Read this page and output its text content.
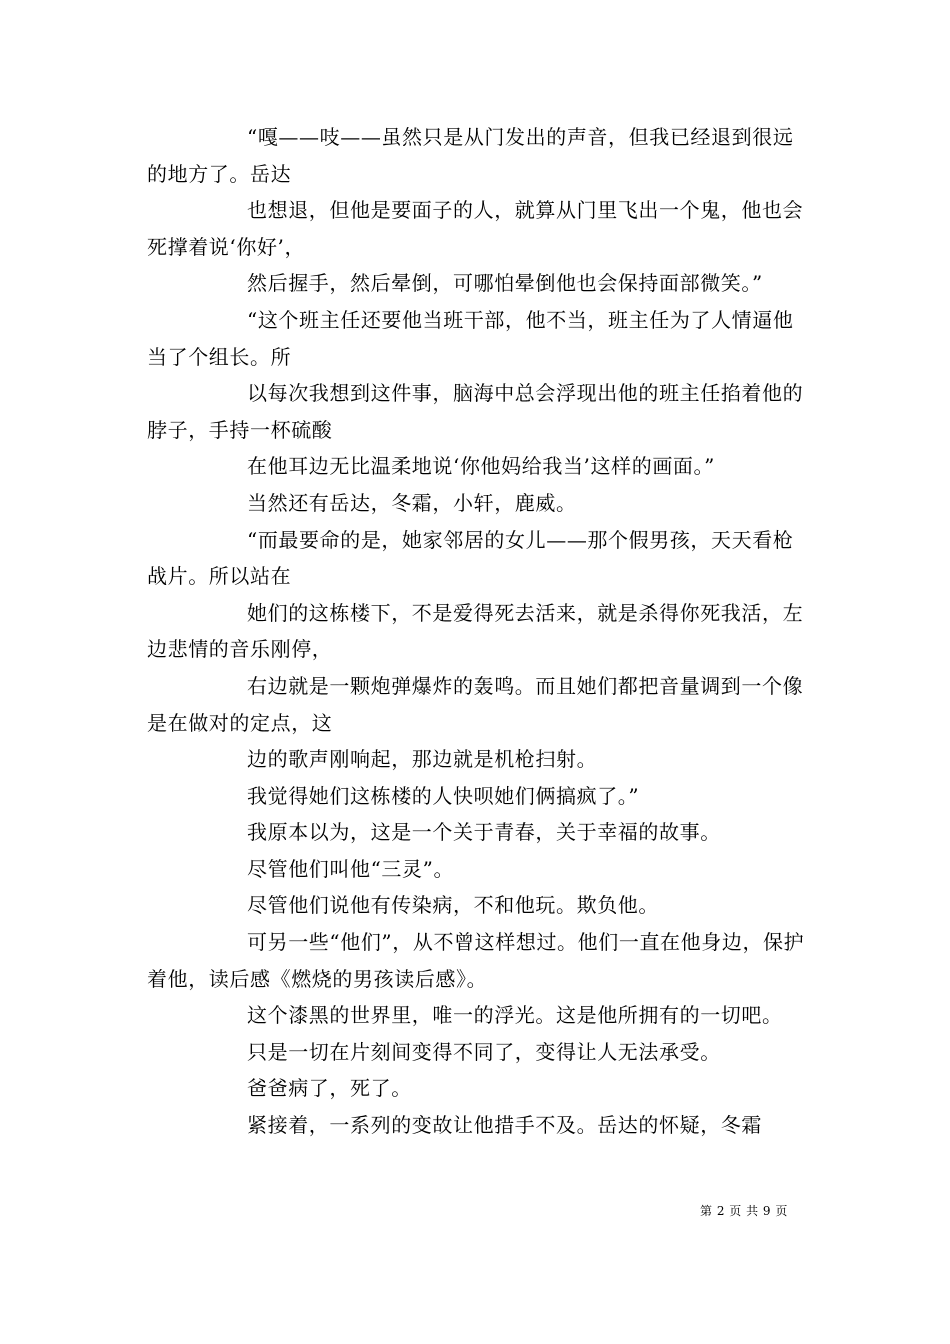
“嘎——吱——虽然只是从门发出的声音，但我已经退到很远的地方了。岳达

也想退，但他是要面子的人，就算从门里飞出一个鬼，他也会死撑着说‘你好’，

然后握手，然后晕倒，可哪怕晕倒他也会保持面部微笑。”

“这个班主任还要他当班干部，他不当，班主任为了人情逼他当了个组长。所

以每次我想到这件事，脑海中总会浮现出他的班主任掐着他的脖子，手持一杯硫酸

在他耳边无比温柔地说‘你他妈给我当’这样的画面。”

当然还有岳达，冬霜，小轩，鹿威。

“而最要命的是，她家邻居的女儿——那个假男孩，天天看枪战片。所以站在

她们的这栋楼下，不是爱得死去活来，就是杀得你死我活，左边悲情的音乐刚停，

右边就是一颗炮弹爆炸的轰鸣。而且她们都把音量调到一个像是在做对的定点，这

边的歌声刚响起，那边就是机枪扫射。

我觉得她们这栋楼的人快呗她们俩搞疯了。”

我原本以为，这是一个关于青春，关于幸福的故事。

尽管他们叫他“三灵”。

尽管他们说他有传染病，不和他玩。欺负他。

可另一些“他们”，从不曾这样想过。他们一直在他身边，保护着他，读后感《燃烧的男孩读后感》。

这个漆黑的世界里，唯一的浮光。这是他所拥有的一切吧。

只是一切在片刻间变得不同了，变得让人无法承受。

爸爸病了，死了。

紧接着，一系列的变故让他措手不及。岳达的怀疑，冬霜

第 2 页 共 9 页
